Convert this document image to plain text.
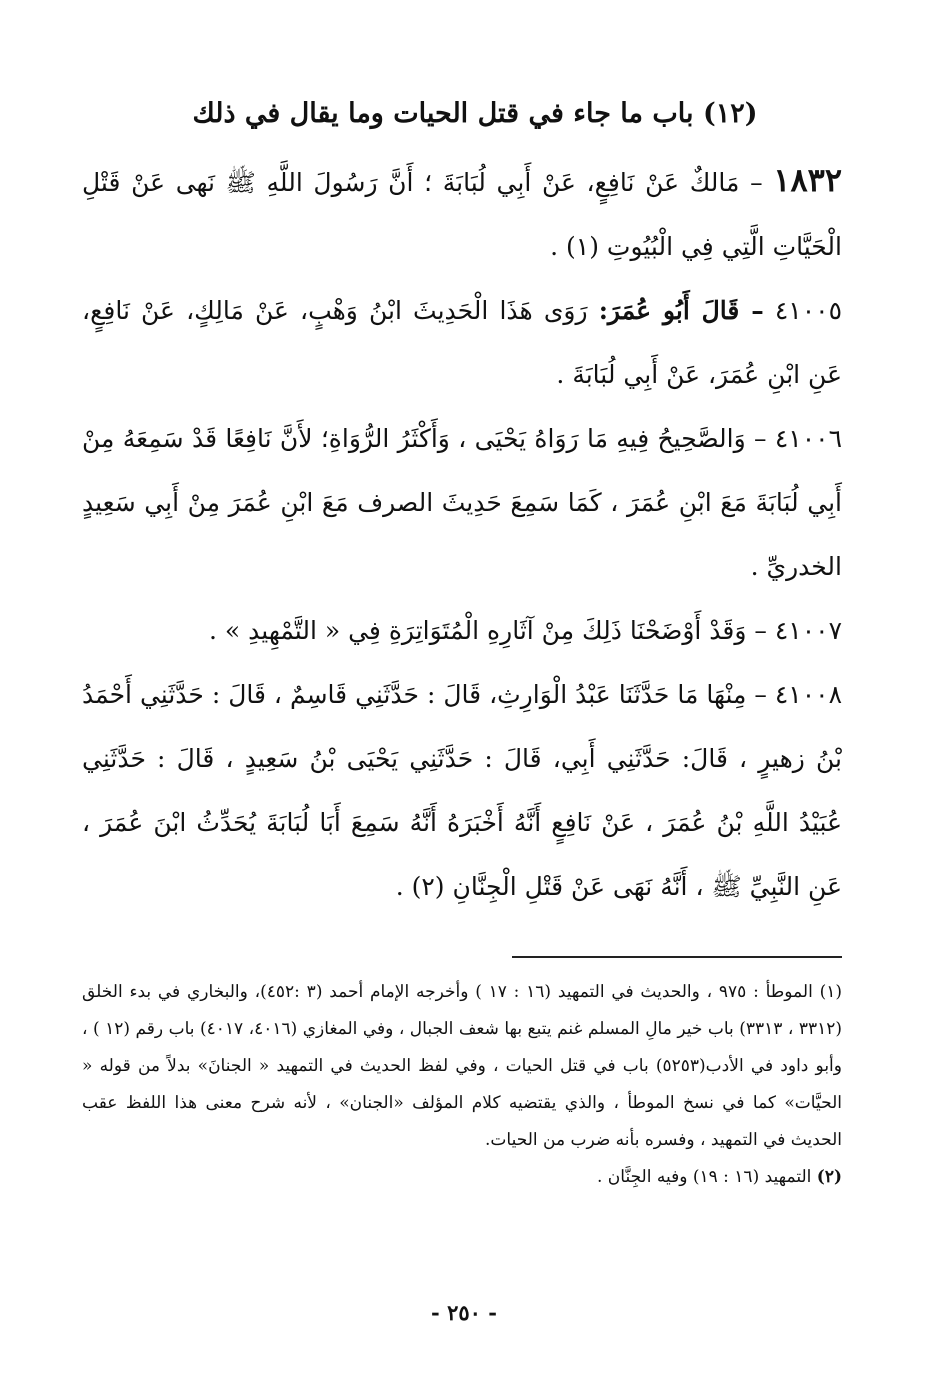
(١٢) باب ما جاء في قتل الحيات وما يقال في ذلك

١٨٣٢ – مَالكٌ عَنْ نَافِعٍ، عَنْ أَبِي لُبَابَةَ ؛ أَنَّ رَسُولَ اللَّهِ ﷺ نَهى عَنْ قَتْلِ الْحَيَّاتِ الَّتِي فِي الْبُيُوتِ (١) .

٤١٠٠٥ – قَالَ أَبُو عُمَرَ: رَوَى هَذَا الْحَدِيثَ ابْنُ وَهْبٍ، عَنْ مَالِكٍ، عَنْ نَافِعٍ، عَنِ ابْنِ عُمَرَ، عَنْ أَبِي لُبَابَةَ .

٤١٠٠٦ – وَالصَّحِيحُ فِيهِ مَا رَوَاهُ يَحْيَى ، وَأَكْثَرُ الرُّوَاةِ؛ لأَنَّ نَافِعًا قَدْ سَمِعَهُ مِنْ أَبِي لُبَابَةَ مَعَ ابْنِ عُمَرَ ، كَمَا سَمِعَ حَدِيثَ الصرف مَعَ ابْنِ عُمَرَ مِنْ أَبِي سَعِيدٍ الخدريِّ .

٤١٠٠٧ – وَقَدْ أَوْضَحْنَا ذَلِكَ مِنْ آثَارِهِ الْمُتَوَاتِرَةِ فِي « التَّمْهِيدِ » .

٤١٠٠٨ – مِنْهَا مَا حَدَّثَنَا عَبْدُ الْوَارِثِ، قَالَ : حَدَّثَنِي قَاسِمٌ ، قَالَ : حَدَّثَنِي أَحْمَدُ بْنُ زهيرٍ ، قَالَ: حَدَّثَنِي أَبِي، قَالَ : حَدَّثَنِي يَحْيَى بْنُ سَعِيدٍ ، قَالَ : حَدَّثَنِي عُبَيْدُ اللَّهِ بْنُ عُمَرَ ، عَنْ نَافِعٍ أَنَّهُ أَخْبَرَهُ أَنَّهُ سَمِعَ أَبَا لُبَابَةَ يُحَدِّثُ ابْنَ عُمَرَ ، عَنِ النَّبِيِّ ﷺ ، أَنَّهُ نَهَى عَنْ قَتْلِ الْجِنَّانِ (٢) .

(١) الموطأ : ٩٧٥ ، والحديث في التمهيد (١٦ : ١٧ ) وأخرجه الإمام أحمد (٣ :٤٥٢)، والبخاري في بدء الخلق (٣٣١٢ ، ٣٣١٣) باب خير مالِ المسلم غنم يتبع بها شعف الجبال ، وفي المغازي (٤٠١٦، ٤٠١٧) باب رقم (١٢ ) ، وأبو داود في الأدب(٥٢٥٣) باب في قتل الحيات ، وفي لفظ الحديث في التمهيد « الجنانَ» بدلاً من قوله « الحيَّات» كما في نسخ الموطأ ، والذي يقتضيه كلام المؤلف «الجنان» ، لأنه شرح معنى هذا اللفظ عقب الحديث في التمهيد ، وفسره بأنه ضرب من الحيات.

(٢) التمهيد (١٦ : ١٩) وفيه الجِنَّان .

- ٢٥٠ -
